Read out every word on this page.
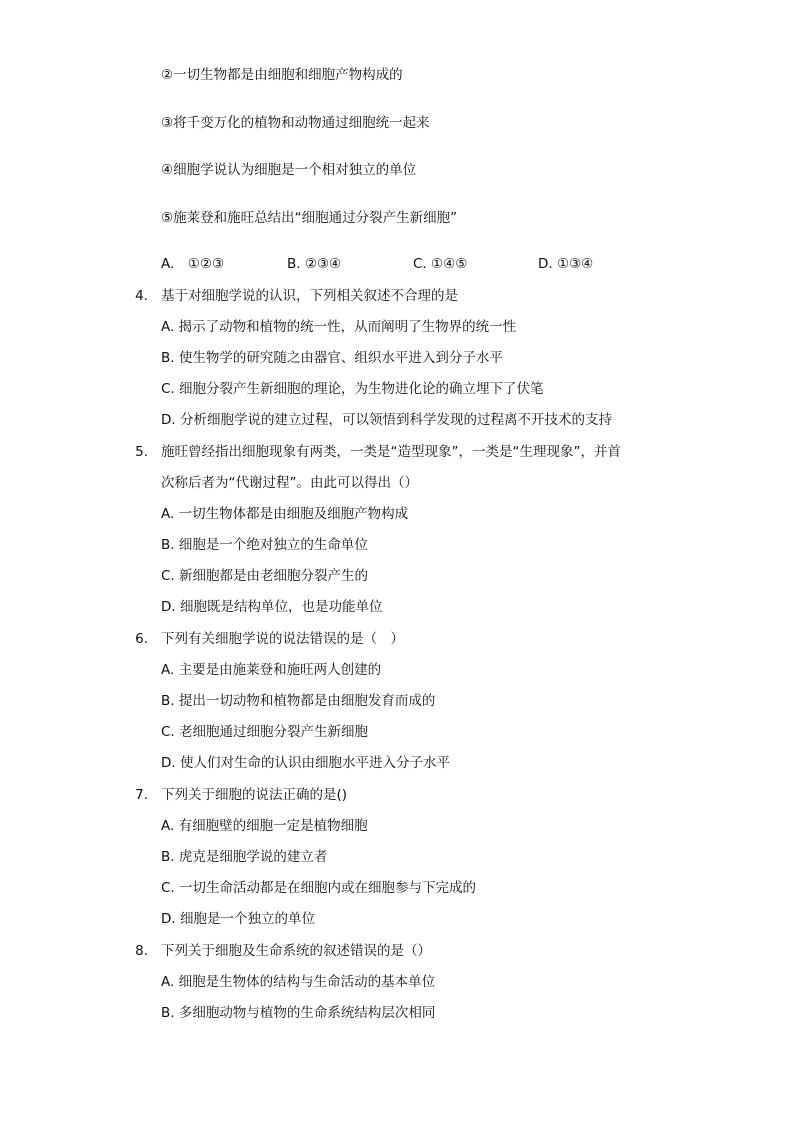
②一切生物都是由细胞和细胞产物构成的
③将千变万化的植物和动物通过细胞统一起来
④细胞学说认为细胞是一个相对独立的单位
⑤施莱登和施旺总结出“细胞通过分裂产生新细胞”
A.　①②③	B. ②③④	C. ①④⑤	D. ①③④
4. 基于对细胞学说的认识，下列相关叙述不合理的是
A. 揭示了动物和植物的统一性，从而阐明了生物界的统一性
B. 使生物学的研究随之由器官、组织水平进入到分子水平
C. 细胞分裂产生新细胞的理论，为生物进化论的确立埋下了伏笔
D. 分析细胞学说的建立过程，可以领悟到科学发现的过程离不开技术的支持
5. 施旺曾经指出细胞现象有两类，一类是“造型现象”，一类是“生理现象”，并首
次称后者为“代谢过程”。由此可以得出（）
A. 一切生物体都是由细胞及细胞产物构成
B. 细胞是一个绝对独立的生命单位
C. 新细胞都是由老细胞分裂产生的
D. 细胞既是结构单位，也是功能单位
6. 下列有关细胞学说的说法错误的是（　）
A. 主要是由施莱登和施旺两人创建的
B. 提出一切动物和植物都是由细胞发育而成的
C. 老细胞通过细胞分裂产生新细胞
D. 使人们对生命的认识由细胞水平进入分子水平
7. 下列关于细胞的说法正确的是()
A. 有细胞壁的细胞一定是植物细胞
B. 虎克是细胞学说的建立者
C. 一切生命活动都是在细胞内或在细胞参与下完成的
D. 细胞是一个独立的单位
8. 下列关于细胞及生命系统的叙述错误的是（）
A. 细胞是生物体的结构与生命活动的基本单位
B. 多细胞动物与植物的生命系统结构层次相同
